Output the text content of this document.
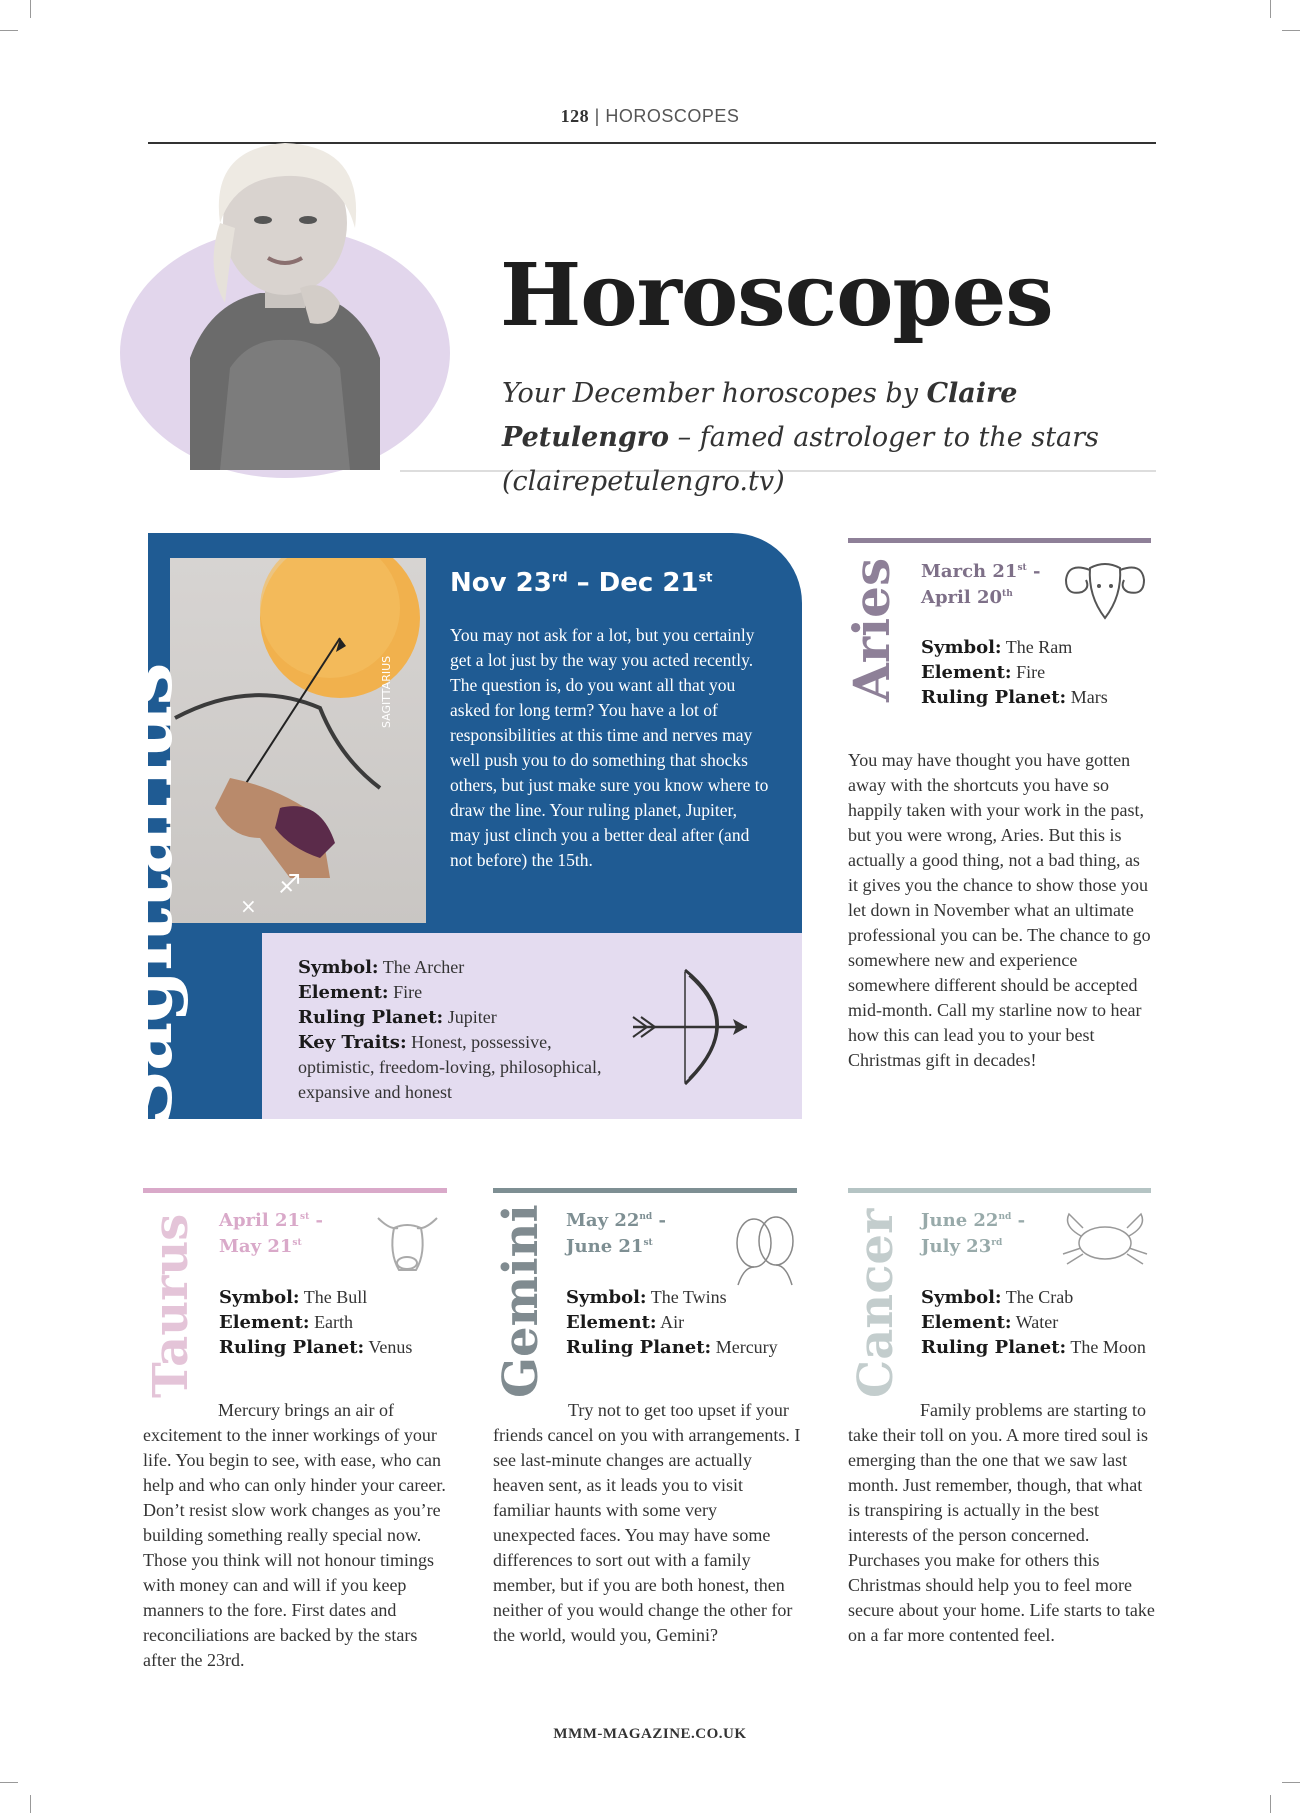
128 | HOROSCOPES
Horoscopes
Your December horoscopes by Claire Petulengro – famed astrologer to the stars (clairepetulengro.tv)
SAGITTARIUS
♐
×
Sagittarius
Nov 23rd – Dec 21st
You may not ask for a lot, but you certainly get a lot just by the way you acted recently. The question is, do you want all that you asked for long term? You have a lot of responsibilities at this time and nerves may well push you to do something that shocks others, but just make sure you know where to draw the line. Your ruling planet, Jupiter, may just clinch you a better deal after (and not before) the 15th.
Symbol: The Archer
Element: Fire
Ruling Planet: Jupiter
Key Traits: Honest, possessive, optimistic, freedom-loving, philosophical, expansive and honest
Aries March 21st -
April 20th
Symbol: The Ram
Element: Fire
Ruling Planet: Mars
You may have thought you have gotten away with the shortcuts you have so happily taken with your work in the past, but you were wrong, Aries. But this is actually a good thing, not a bad thing, as it gives you the chance to show those you let down in November what an ultimate professional you can be. The chance to go somewhere new and experience somewhere different should be accepted mid-month. Call my starline now to hear how this can lead you to your best Christmas gift in decades!
Taurus April 21st -
May 21st
Symbol: The Bull
Element: Earth
Ruling Planet: Venus
Mercury brings an air of excitement to the inner workings of your life. You begin to see, with ease, who can help and who can only hinder your career. Don’t resist slow work changes as you’re building something really special now. Those you think will not honour timings with money can and will if you keep manners to the fore. First dates and reconciliations are backed by the stars after the 23rd.
Gemini May 22nd -
June 21st
Symbol: The Twins
Element: Air
Ruling Planet: Mercury
Try not to get too upset if your friends cancel on you with arrangements. I see last-minute changes are actually heaven sent, as it leads you to visit familiar haunts with some very unexpected faces. You may have some differences to sort out with a family member, but if you are both honest, then neither of you would change the other for the world, would you, Gemini?
Cancer June 22nd -
July 23rd
Symbol: The Crab
Element: Water
Ruling Planet: The Moon
Family problems are starting to take their toll on you. A more tired soul is emerging than the one that we saw last month. Just remember, though, that what is transpiring is actually in the best interests of the person concerned. Purchases you make for others this Christmas should help you to feel more secure about your home. Life starts to take on a far more contented feel.
MMM-MAGAZINE.CO.UK
